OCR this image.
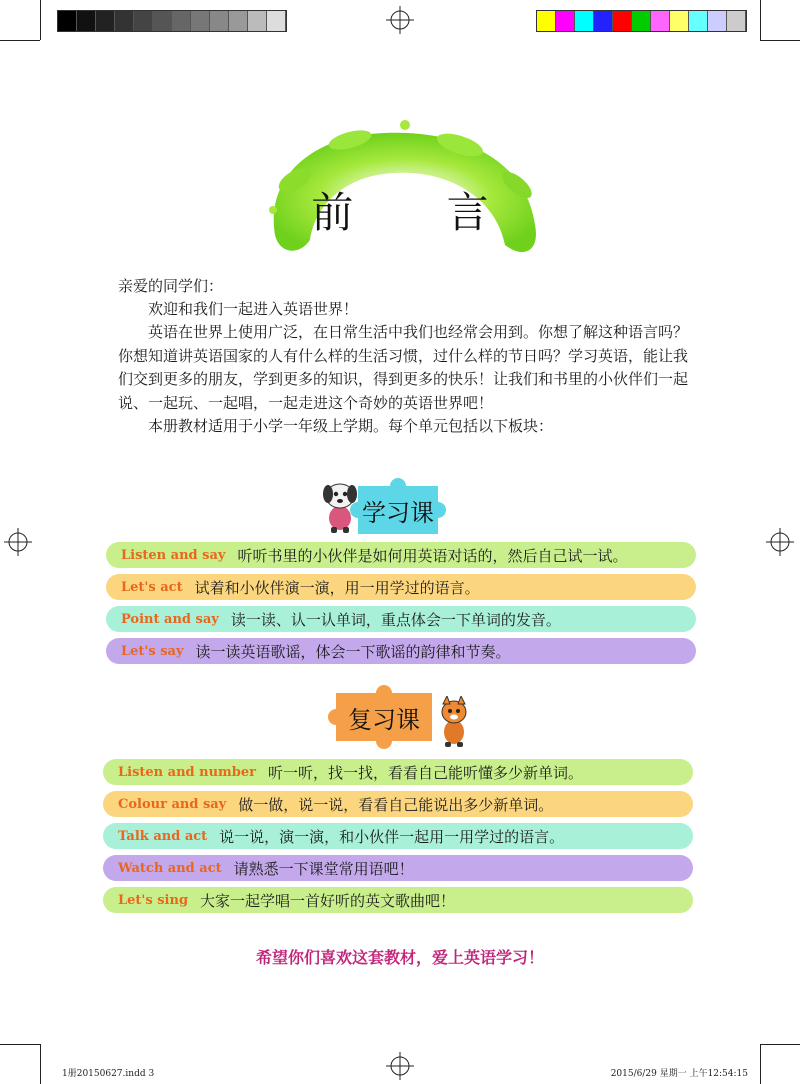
前 言

亲爱的同学们：

欢迎和我们一起进入英语世界！

英语在世界上使用广泛，在日常生活中我们也经常会用到。你想了解这种语言吗？你想知道讲英语国家的人有什么样的生活习惯，过什么样的节日吗？学习英语，能让我们交到更多的朋友，学到更多的知识，得到更多的快乐！让我们和书里的小伙伴们一起说、一起玩、一起唱，一起走进这个奇妙的英语世界吧！

本册教材适用于小学一年级上学期。每个单元包括以下板块：

学习课
Listen and say 听听书里的小伙伴是如何用英语对话的，然后自己试一试。
Let's act 试着和小伙伴演一演，用一用学过的语言。
Point and say 读一读、认一认单词，重点体会一下单词的发音。
Let's say 读一读英语歌谣，体会一下歌谣的韵律和节奏。
复习课
Listen and number 听一听，找一找，看看自己能听懂多少新单词。
Colour and say 做一做，说一说，看看自己能说出多少新单词。
Talk and act 说一说，演一演，和小伙伴一起用一用学过的语言。
Watch and act 请熟悉一下课堂常用语吧！
Let's sing 大家一起学唱一首好听的英文歌曲吧！
希望你们喜欢这套教材，爱上英语学习！
1册20150627.indd 3	2015/6/29 星期一 上午12:54:15
